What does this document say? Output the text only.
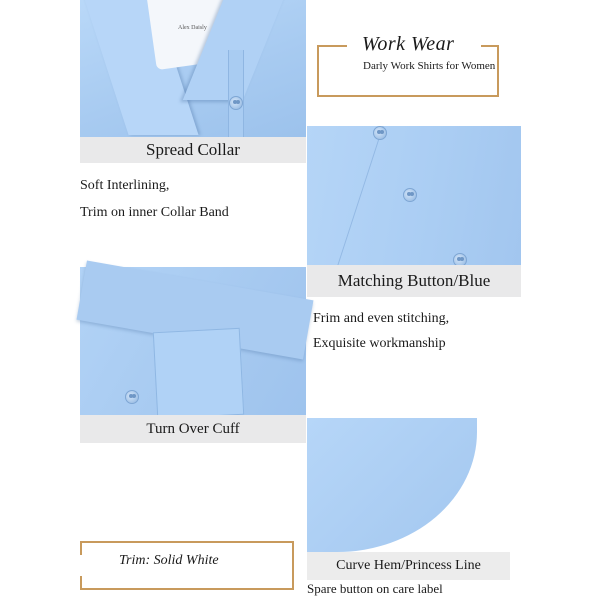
Alex Daisly
Spread Collar
Work Wear
Darly Work Shirts for Women
Matching Button/Blue
Soft Interlining,
Trim on inner Collar Band
Turn Over Cuff
Frim and even stitching,
Exquisite workmanship
Curve Hem/Princess Line
Spare button on care label
Trim: Solid White
